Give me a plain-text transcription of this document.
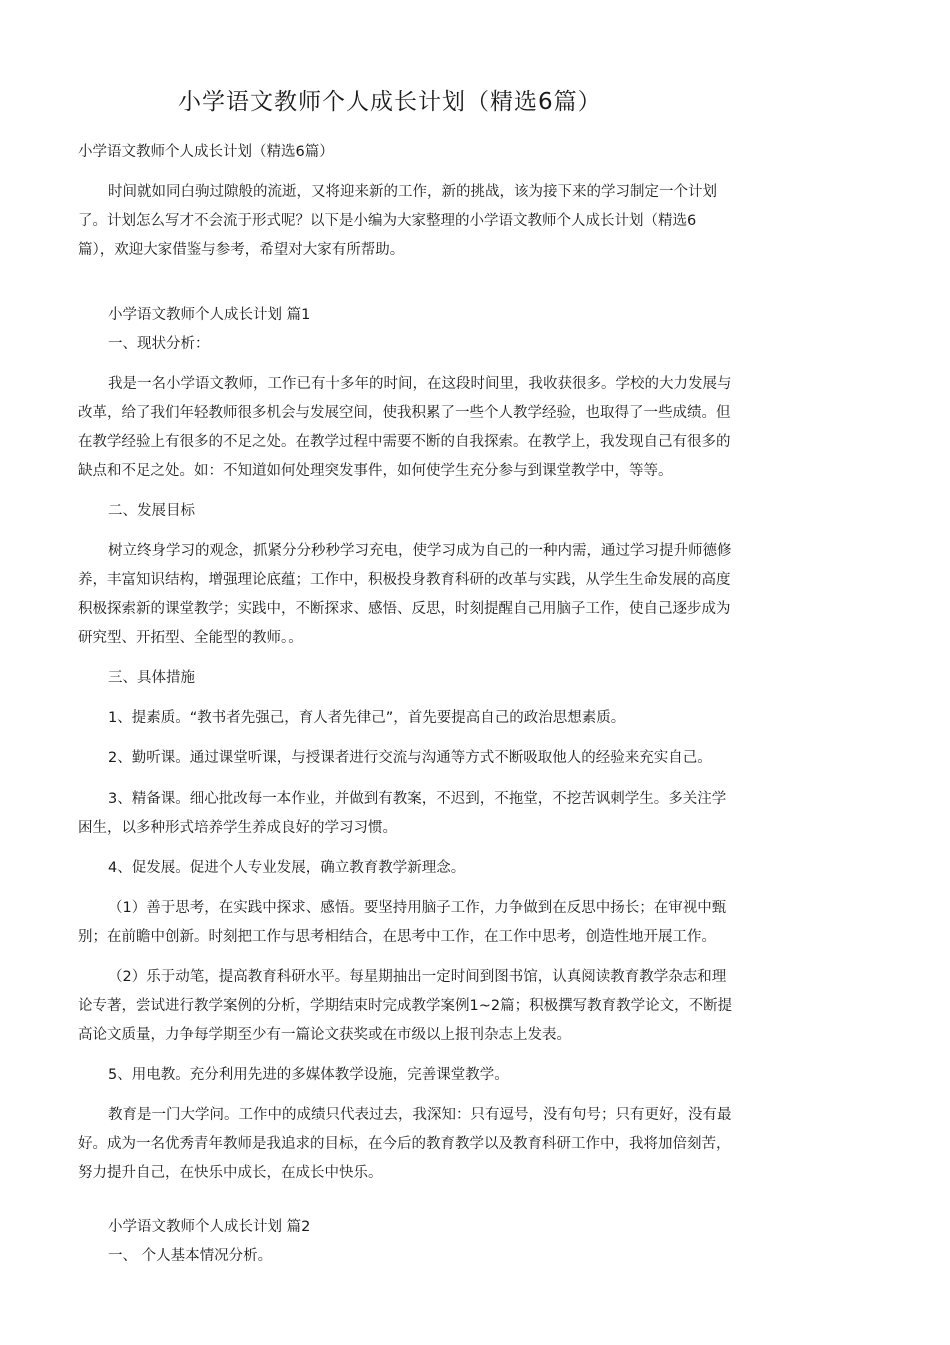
小学语文教师个人成长计划（精选6篇）
小学语文教师个人成长计划（精选6篇）
时间就如同白驹过隙般的流逝，又将迎来新的工作，新的挑战，该为接下来的学习制定一个计划
了。计划怎么写才不会流于形式呢？以下是小编为大家整理的小学语文教师个人成长计划（精选6
篇），欢迎大家借鉴与参考，希望对大家有所帮助。
小学语文教师个人成长计划 篇1
一、现状分析：
我是一名小学语文教师，工作已有十多年的时间，在这段时间里，我收获很多。学校的大力发展与
改革，给了我们年轻教师很多机会与发展空间，使我积累了一些个人教学经验，也取得了一些成绩。但
在教学经验上有很多的不足之处。在教学过程中需要不断的自我探索。在教学上，我发现自己有很多的
缺点和不足之处。如：不知道如何处理突发事件，如何使学生充分参与到课堂教学中，等等。
二、发展目标
树立终身学习的观念，抓紧分分秒秒学习充电，使学习成为自己的一种内需，通过学习提升师德修
养，丰富知识结构，增强理论底蕴；工作中，积极投身教育科研的改革与实践，从学生生命发展的高度
积极探索新的课堂教学；实践中，不断探求、感悟、反思，时刻提醒自己用脑子工作，使自己逐步成为
研究型、开拓型、全能型的教师。。
三、具体措施
1、提素质。“教书者先强己，育人者先律己”，首先要提高自己的政治思想素质。
2、勤听课。通过课堂听课，与授课者进行交流与沟通等方式不断吸取他人的经验来充实自己。
3、精备课。细心批改每一本作业，并做到有教案，不迟到，不拖堂，不挖苦讽刺学生。多关注学
困生，以多种形式培养学生养成良好的学习习惯。
4、促发展。促进个人专业发展，确立教育教学新理念。
（1）善于思考，在实践中探求、感悟。要坚持用脑子工作，力争做到在反思中扬长；在审视中甄
别；在前瞻中创新。时刻把工作与思考相结合，在思考中工作，在工作中思考，创造性地开展工作。
（2）乐于动笔，提高教育科研水平。每星期抽出一定时间到图书馆，认真阅读教育教学杂志和理
论专著，尝试进行教学案例的分析，学期结束时完成教学案例1~2篇；积极撰写教育教学论文，不断提
高论文质量，力争每学期至少有一篇论文获奖或在市级以上报刊杂志上发表。
5、用电教。充分利用先进的多媒体教学设施，完善课堂教学。
教育是一门大学问。工作中的成绩只代表过去，我深知：只有逗号，没有句号；只有更好，没有最
好。成为一名优秀青年教师是我追求的目标，在今后的教育教学以及教育科研工作中，我将加倍刻苦，
努力提升自己，在快乐中成长，在成长中快乐。
小学语文教师个人成长计划 篇2
一、 个人基本情况分析。
